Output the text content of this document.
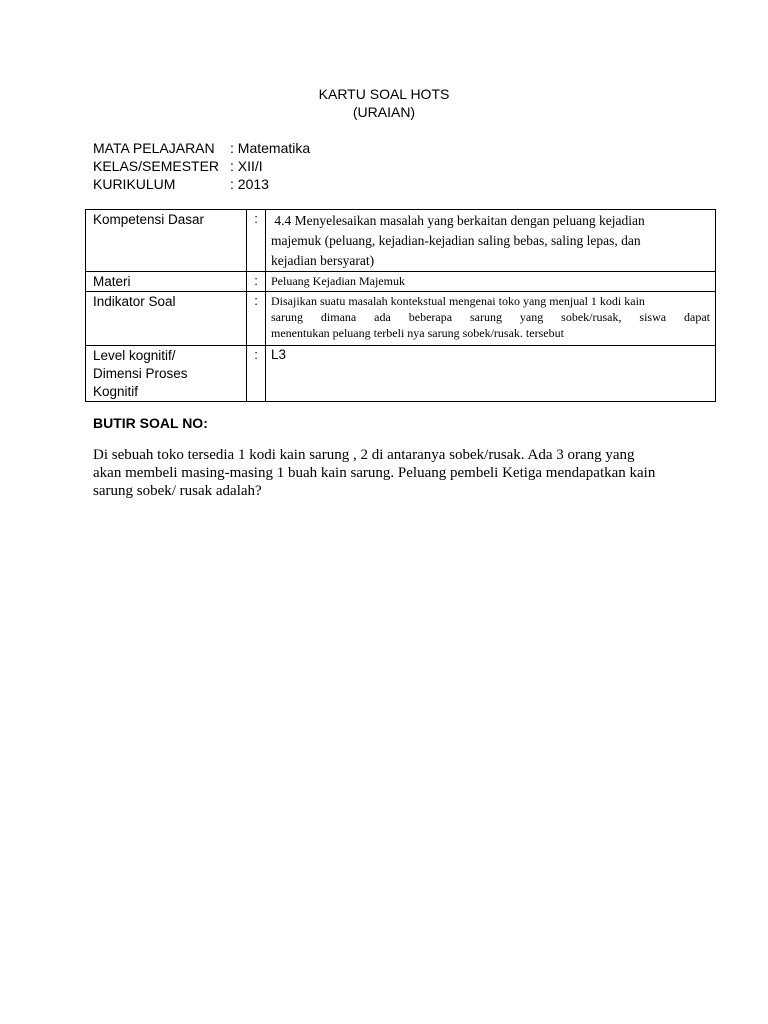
KARTU SOAL HOTS
(URAIAN)
MATA PELAJARAN : Matematika
KELAS/SEMESTER : XII/I
KURIKULUM	: 2013
Kompetensi Dasar	:	4.4 Menyelesaikan masalah yang berkaitan dengan peluang kejadian
majemuk (peluang, kejadian-kejadian saling bebas, saling lepas, dan
kejadian bersyarat)

Materi	:	Peluang Kejadian Majemuk

Indikator Soal	:	Disajikan suatu masalah kontekstual mengenai toko yang menjual 1 kodi kain
sarung dimana ada beberapa sarung yang sobek/rusak, siswa dapat
menentukan peluang terbeli nya sarung sobek/rusak. tersebut

Level kognitif/
Dimensi Proses
Kognitif	:	L3
BUTIR SOAL NO:
Di sebuah toko tersedia 1 kodi kain sarung , 2 di antaranya sobek/rusak. Ada 3 orang yang
akan membeli masing-masing 1 buah kain sarung. Peluang pembeli Ketiga mendapatkan kain
sarung sobek/ rusak adalah?
